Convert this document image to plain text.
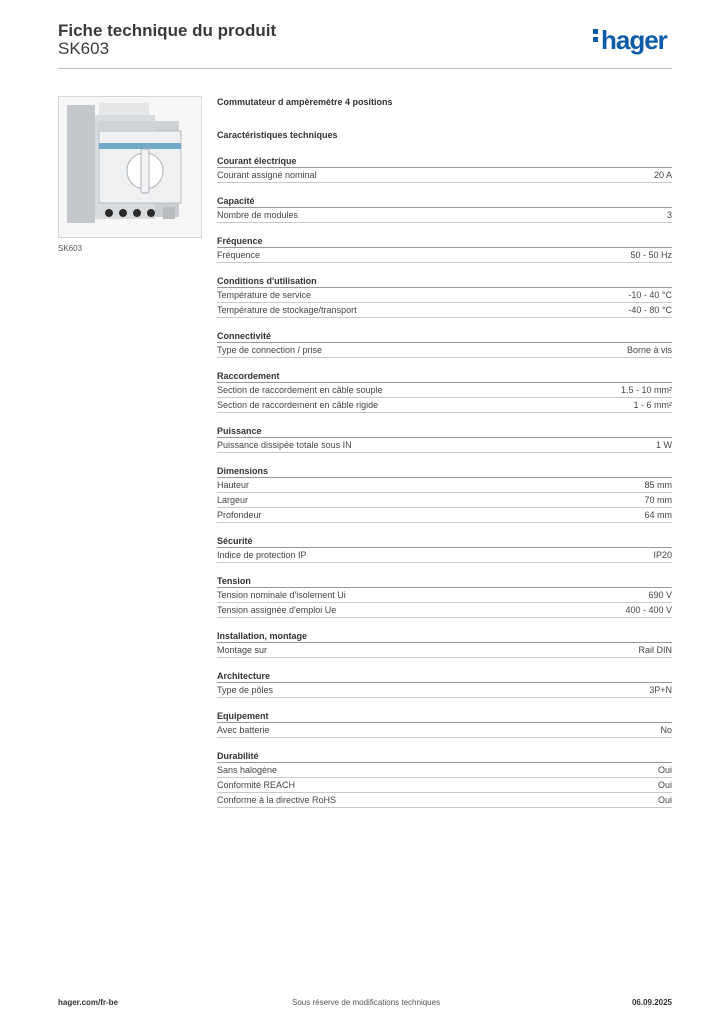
Fiche technique du produit
SK603	hager
SK603
Commutateur d ampèremètre 4 positions
Caractéristiques techniques
Courant électrique
Courant assigné nominal	20 A
Capacité
Nombre de modules	3
Fréquence
Fréquence	50 - 50 Hz
Conditions d'utilisation
Température de service	-10 - 40 °C
Température de stockage/transport	-40 - 80 °C
Connectivité
Type de connection / prise	Borne à vis
Raccordement
Section de raccordement en câble souple	1.5 - 10 mm²
Section de raccordement en câble rigide	1 - 6 mm²
Puissance
Puissance dissipée totale sous IN	1 W
Dimensions
Hauteur	85 mm
Largeur	70 mm
Profondeur	64 mm
Sécurité
Indice de protection IP	IP20
Tension
Tension nominale d'isolement Ui	690 V
Tension assignée d'emploi Ue	400 - 400 V
Installation, montage
Montage sur	Rail DIN
Architecture
Type de pôles	3P+N
Equipement
Avec batterie	No
Durabilité
Sans halogène	Oui
Conformité REACH	Oui
Conforme à la directive RoHS	Oui
hager.com/fr-be	Sous réserve de modifications techniques	06.09.2025
